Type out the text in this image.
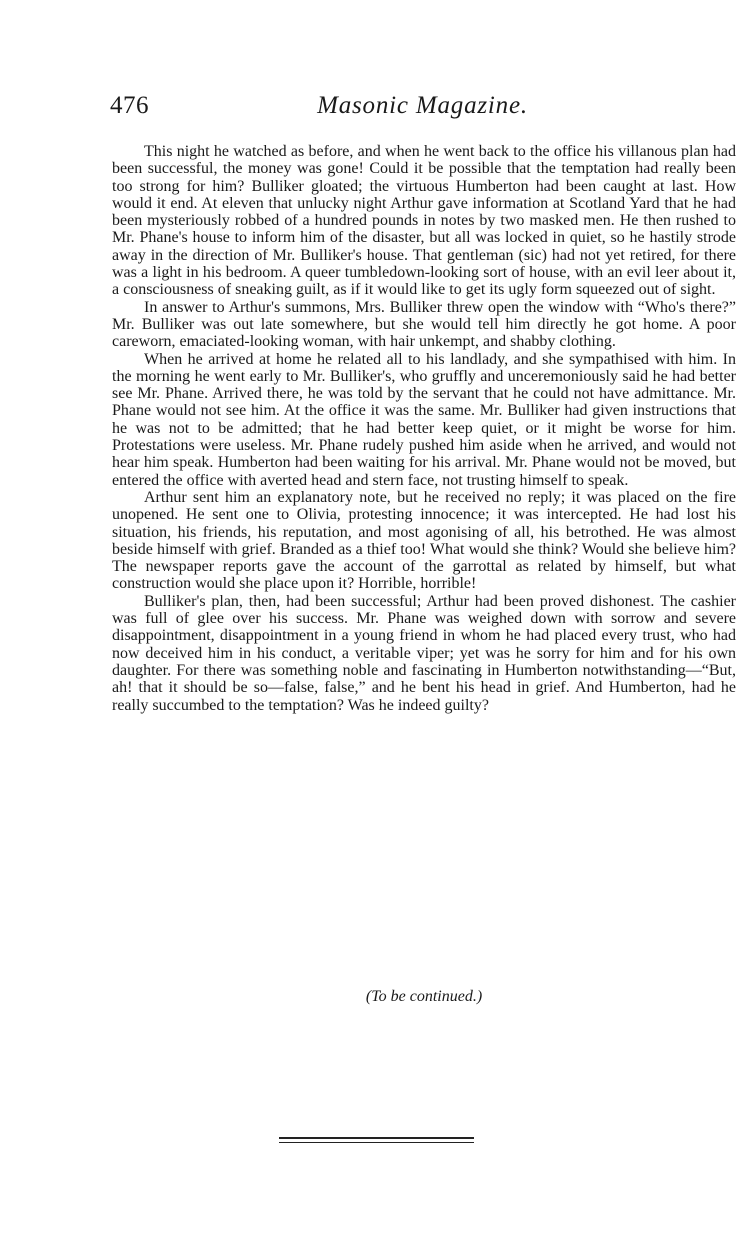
476	Masonic Magazine.

This night he watched as before, and when he went back to the office his villanous plan had been successful, the money was gone! Could it be possible that the temptation had really been too strong for him? Bulliker gloated; the virtuous Humberton had been caught at last. How would it end. At eleven that unlucky night Arthur gave information at Scotland Yard that he had been mysteriously robbed of a hundred pounds in notes by two masked men. He then rushed to Mr. Phane's house to inform him of the disaster, but all was locked in quiet, so he hastily strode away in the direction of Mr. Bulliker's house. That gentleman (sic) had not yet retired, for there was a light in his bedroom. A queer tumbledown-looking sort of house, with an evil leer about it, a consciousness of sneaking guilt, as if it would like to get its ugly form squeezed out of sight.

In answer to Arthur's summons, Mrs. Bulliker threw open the window with “Who's there?” Mr. Bulliker was out late somewhere, but she would tell him directly he got home. A poor careworn, emaciated-looking woman, with hair unkempt, and shabby clothing.

When he arrived at home he related all to his landlady, and she sympathised with him. In the morning he went early to Mr. Bulliker's, who gruffly and unceremoniously said he had better see Mr. Phane. Arrived there, he was told by the servant that he could not have admittance. Mr. Phane would not see him. At the office it was the same. Mr. Bulliker had given instructions that he was not to be admitted; that he had better keep quiet, or it might be worse for him. Protestations were useless. Mr. Phane rudely pushed him aside when he arrived, and would not hear him speak. Humberton had been waiting for his arrival. Mr. Phane would not be moved, but entered the office with averted head and stern face, not trusting himself to speak.

Arthur sent him an explanatory note, but he received no reply; it was placed on the fire unopened. He sent one to Olivia, protesting innocence; it was intercepted. He had lost his situation, his friends, his reputation, and most agonising of all, his betrothed. He was almost beside himself with grief. Branded as a thief too! What would she think? Would she believe him? The newspaper reports gave the account of the garrottal as related by himself, but what construction would she place upon it? Horrible, horrible!

Bulliker's plan, then, had been successful; Arthur had been proved dishonest. The cashier was full of glee over his success. Mr. Phane was weighed down with sorrow and severe disappointment, disappointment in a young friend in whom he had placed every trust, who had now deceived him in his conduct, a veritable viper; yet was he sorry for him and for his own daughter. For there was something noble and fascinating in Humberton notwithstanding—“But, ah! that it should be so—false, false,” and he bent his head in grief. And Humberton, had he really succumbed to the temptation? Was he indeed guilty?

(To be continued.)
